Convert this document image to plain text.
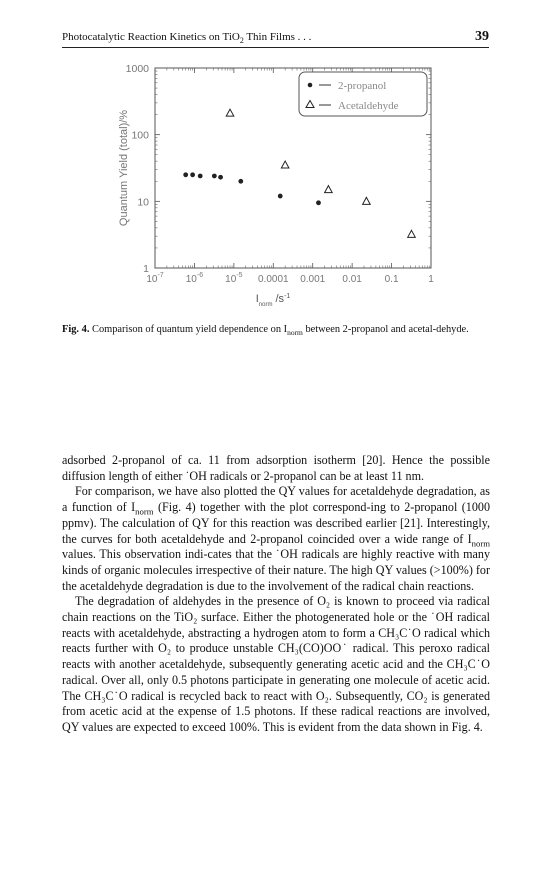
Photocatalytic Reaction Kinetics on TiO$_2$ Thin Films . . .	39
1000
100
10
1
$10^{-7}$ $10^{-6}$ $10^{-5}$ 0.0001 0.001 0.01 0.1	1
Quantum Yield (total)/%
$I_{norm}$ $/s^{-1}$
2-propanol
Acetaldehyde
Fig. 4. Comparison of quantum yield dependence on $I_{norm}$ between 2-propanol and acetal-dehyde.

adsorbed 2-propanol of ca. 11 from adsorption isotherm [20]. Hence the possible diffusion length of either ˙OH radicals or 2-propanol can be at least 11 nm.

For comparison, we have also plotted the QY values for acetaldehyde degradation, as a function of $I_{norm}$ (Fig. 4) together with the plot correspond-ing to 2-propanol (1000 ppmv). The calculation of QY for this reaction was described earlier [21]. Interestingly, the curves for both acetaldehyde and 2-propanol coincided over a wide range of $I_{norm}$ values. This observation indi-cates that the ˙OH radicals are highly reactive with many kinds of organic molecules irrespective of their nature. The high QY values (>100%) for the acetaldehyde degradation is due to the involvement of the radical chain reactions.

The degradation of aldehydes in the presence of O₂ is known to proceed via radical chain reactions on the TiO₂ surface. Either the photogenerated hole or the ˙OH radical reacts with acetaldehyde, abstracting a hydrogen atom to form a CH₃C˙O radical which reacts further with O₂ to produce unstable CH₃(CO)OO˙ radical. This peroxo radical reacts with another acetaldehyde, subsequently generating acetic acid and the CH₃C˙O radical. Over all, only 0.5 photons participate in generating one molecule of acetic acid. The CH₃C˙O radical is recycled back to react with O₂. Subsequently, CO₂ is generated from acetic acid at the expense of 1.5 photons. If these radical reactions are involved, QY values are expected to exceed 100%. This is evident from the data shown in Fig. 4.
